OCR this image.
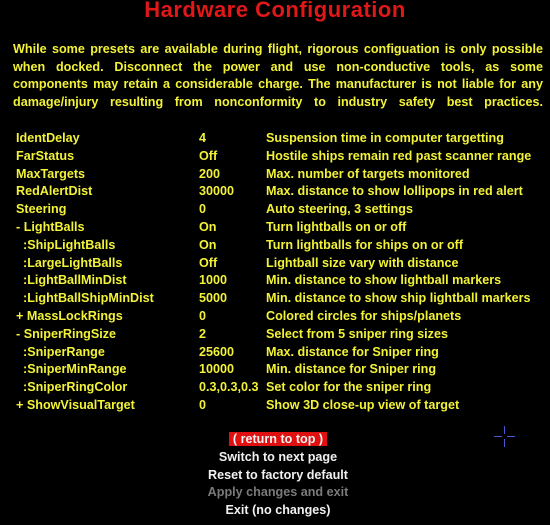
Hardware Configuration
While some presets are available during flight, rigorous configuation is only possible when docked. Disconnect the power and use non-conductive tools, as some components may retain a considerable charge. The manufacturer is not liable for any damage/injury resulting from nonconformity to industry safety best practices.
IdentDelay	4	Suspension time in computer targetting
FarStatus	Off	Hostile ships remain red past scanner range
MaxTargets	200	Max. number of targets monitored
RedAlertDist	30000	Max. distance to show lollipops in red alert
Steering	0	Auto steering, 3 settings
- LightBalls	On	Turn lightballs on or off
:ShipLightBalls	On	Turn lightballs for ships on or off
:LargeLightBalls	Off	Lightball size vary with distance
:LightBallMinDist	1000	Min. distance to show lightball markers
:LightBallShipMinDist	5000	Min. distance to show ship lightball markers
+ MassLockRings	0	Colored circles for ships/planets
- SniperRingSize	2	Select from 5 sniper ring sizes
:SniperRange	25600	Max. distance for Sniper ring
:SniperMinRange	10000	Min. distance for Sniper ring
:SniperRingColor	0.3,0.3,0.3 Set color for the sniper ring
+ ShowVisualTarget	0	Show 3D close-up view of target
( return to top )
Switch to next page
Reset to factory default
Apply changes and exit
Exit (no changes)
